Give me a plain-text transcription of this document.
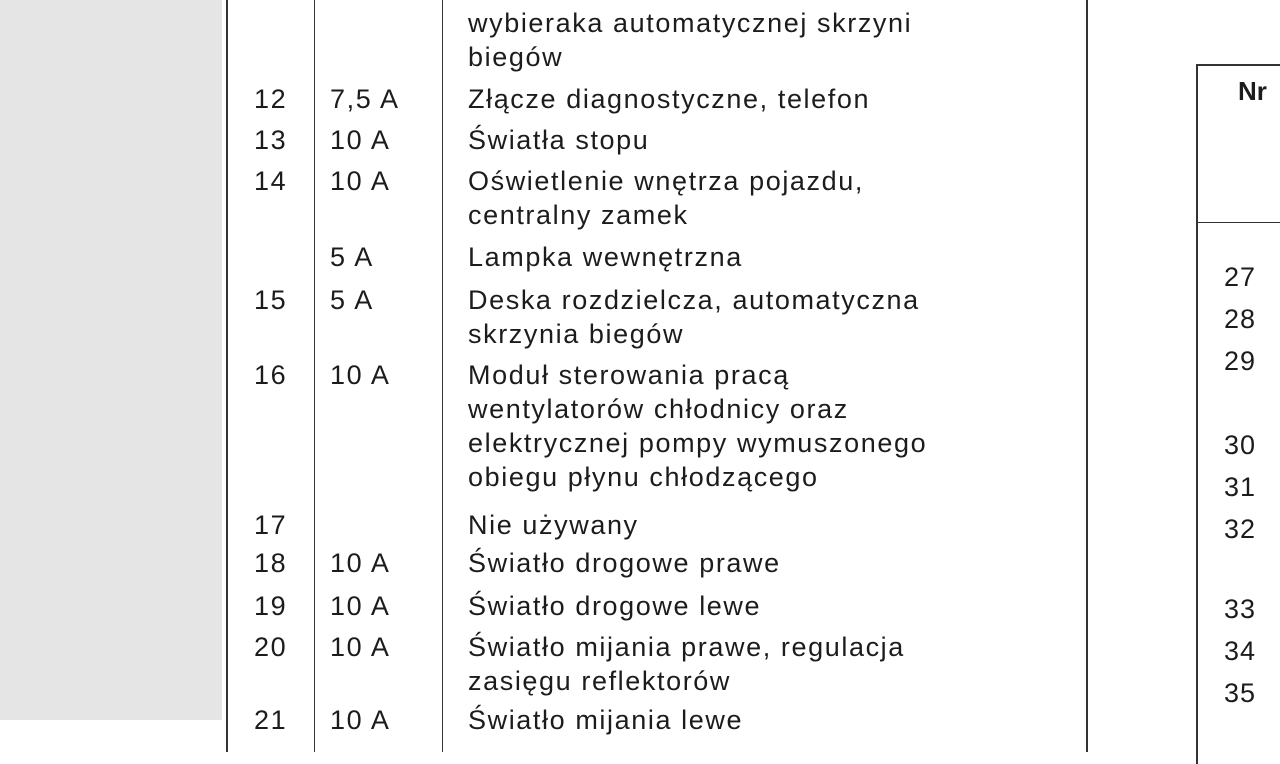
wybieraka automatycznej skrzyni
biegów
12 7,5 A	Złącze diagnostyczne, telefon
13 10 A	Światła stopu
14 10 A	Oświetlenie wnętrza pojazdu,
centralny zamek
5 A	Lampka wewnętrzna
15 5 A	Deska rozdzielcza, automatyczna
skrzynia biegów
16 10 A	Moduł sterowania pracą
wentylatorów chłodnicy oraz
elektrycznej pompy wymuszonego
obiegu płynu chłodzącego
17	Nie używany
18 10 A	Światło drogowe prawe
19 10 A	Światło drogowe lewe
20 10 A	Światło mijania prawe, regulacja
zasięgu reflektorów
21 10 A	Światło mijania lewe
Nr
27
28
29
30
31
32
33
34
35
